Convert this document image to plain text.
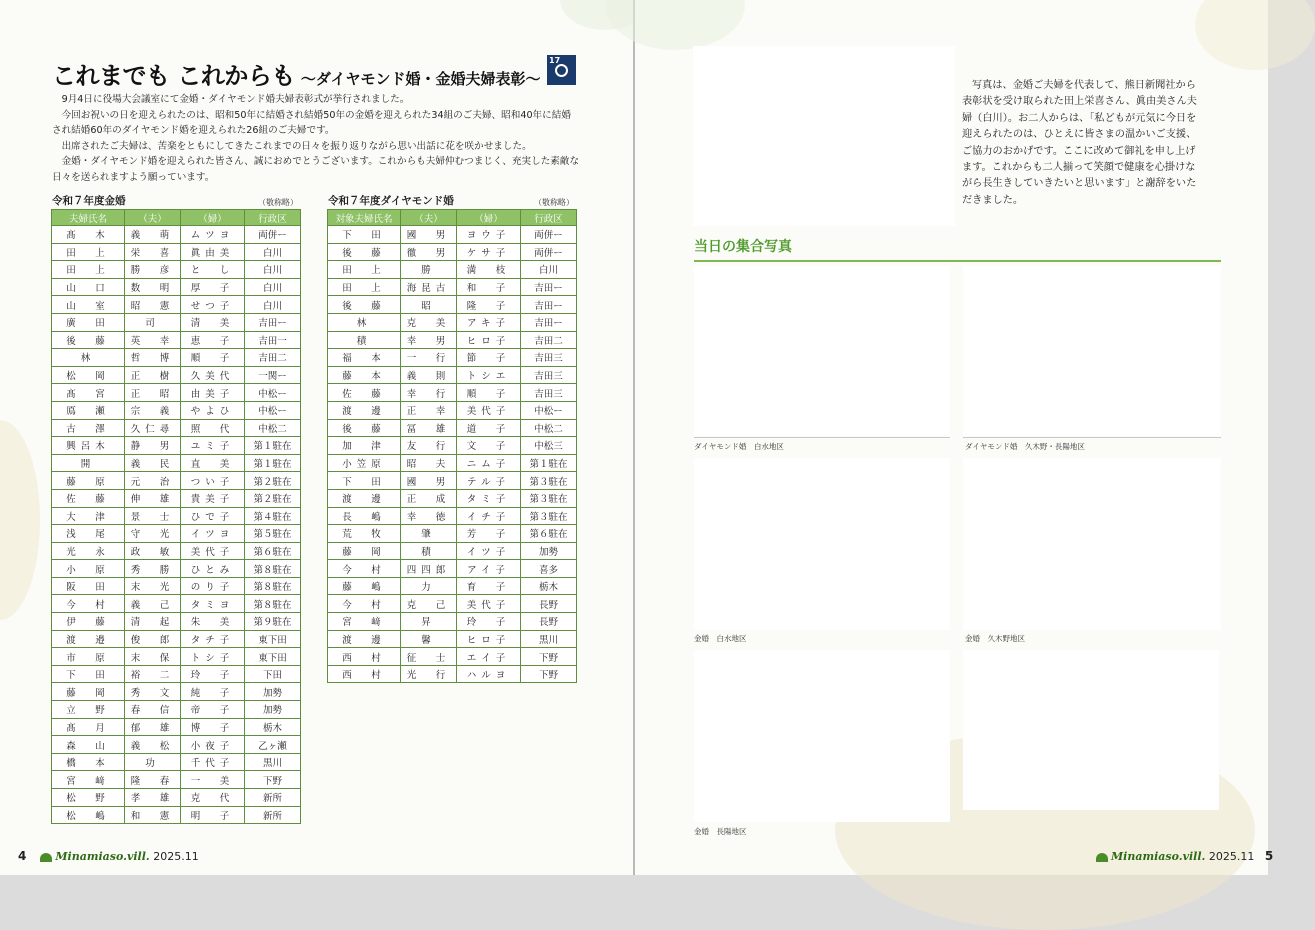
これまでも これからも 〜ダイヤモンド婚・金婚夫婦表彰〜
17

9月4日に役場大会議室にて金婚・ダイヤモンド婚夫婦表彰式が挙行されました。

今回お祝いの日を迎えられたのは、昭和50年に結婚され結婚50年の金婚を迎えられた34組のご夫婦、昭和40年に結婚され結婚60年のダイヤモンド婚を迎えられた26組のご夫婦です。

出席されたご夫婦は、苦楽をともにしてきたこれまでの日々を振り返りながら思い出話に花を咲かせました。

金婚・ダイヤモンド婚を迎えられた皆さん、誠におめでとうございます。これからも夫婦仲むつまじく、充実した素敵な日々を送られますよう願っています。

令和７年度金婚	（敬称略）
夫婦氏名	（夫）	（婦）	行政区
髙　木	義　萌	ムツヨ	両併ー
田　上	栄　喜	眞由美	白川
田　上	勝　彦	と　し	白川
山　口	数　明	厚　子	白川
山　室	昭　憲	せつ子	白川
廣　田	司	清　美	吉田ー
後　藤	英　幸	恵　子	吉田一
林	哲　博	順　子	吉田二
松　岡	正　樹	久美代	一関ー
髙　宮	正　昭	由美子	中松ー
鳫　瀬	宗　義	やよひ	中松ー
古　澤	久仁尋	照　代	中松二
興呂木	静　男	ユミ子	第１駐在
開	義　民	直　美	第１駐在
藤　原	元　治	つい子	第２駐在
佐　藤	伸　雄	貴美子	第２駐在
大　津	景　士	ひで子	第４駐在
浅　尾	守　光	イツヨ	第５駐在
光　永	政　敏	美代子	第６駐在
小　原	秀　勝	ひとみ	第８駐在
阪　田	末　光	のり子	第８駐在
今　村	義　己	タミヨ	第８駐在
伊　藤	清　起	朱　美	第９駐在
渡　邉	俊　郎	タチ子	東下田
市　原	末　保	トシ子	東下田
下　田	裕　二	玲　子	下田
藤　岡	秀　文	純　子	加勢
立　野	春　信	帝　子	加勢
髙　月	郁　雄	博　子	栃木
森　山	義　松	小夜子	乙ヶ瀬
橋　本	功	千代子	黒川
宮　﨑	隆　春	一　美	下野
松　野	孝　雄	克　代	新所
松　嶋	和　憲	明　子	新所
令和７年度ダイヤモンド婚	（敬称略）
対象夫婦氏名	（夫）	（婦）	行政区
下　田	國　男	ヨウ子	両併ー
後　藤	徹　男	ケサ子	両併ー
田　上	勝	満　枝	白川
田　上	海昆古	和　子	吉田ー
後　藤	昭	隆　子	吉田ー
林	克　美	アキ子	吉田ー
積	幸　男	ヒロ子	吉田二
福　本	一　行	節　子	吉田三
藤　本	義　則	トシエ	吉田三
佐　藤	幸　行	順　子	吉田三
渡　邊	正　幸	美代子	中松ー
後　藤	冨　雄	道　子	中松二
加　津	友　行	文　子	中松三
小笠原	昭　夫	ニム子	第１駐在
下　田	國　男	テル子	第３駐在
渡　邊	正　成	タミ子	第３駐在
長　嶋	幸　徳	イチ子	第３駐在
荒　牧	肇	芳　子	第６駐在
藤　岡	積	イツ子	加勢
今　村	四四郎	アイ子	喜多
藤　嶋	力	育　子	栃木
今　村	克　己	美代子	長野
宮　﨑	昇	玲　子	長野
渡　邊	馨	ヒロ子	黒川
西　村	征　士	エイ子	下野
西　村	光　行	ハルヨ	下野
4	Minamiaso.vill. 2025.11

写真は、金婚ご夫婦を代表して、熊日新聞社から表彰状を受け取られた田上栄喜さん、眞由美さん夫婦（白川）。お二人からは、「私どもが元気に今日を迎えられたのは、ひとえに皆さまの温かいご支援、ご協力のおかげです。ここに改めて御礼を申し上げます。これからも二人揃って笑顔で健康を心掛けながら長生きしていきたいと思います」と謝辞をいただきました。

当日の集合写真
ダイヤモンド婚　白水地区	ダイヤモンド婚　久木野・長陽地区
金婚　白水地区	金婚　久木野地区
金婚　長陽地区
Minamiaso.vill. 2025.11 5
